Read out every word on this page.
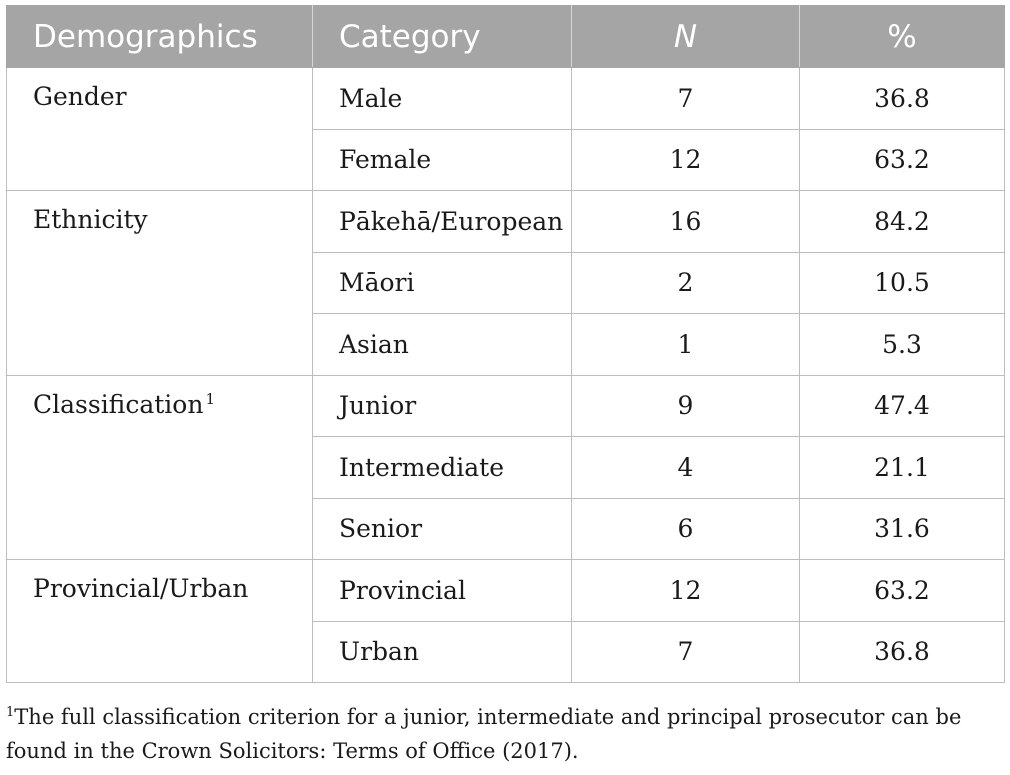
Demographics	Category	N	%
Gender	Male	7	36.8
	Female	12	63.2
Ethnicity	Pākehā/European	16	84.2
	Māori	2	10.5
	Asian	1	5.3
Classification $^1$	Junior	9	47.4
	Intermediate	4	21.1
	Senior	6	31.6
Provincial/Urban	Provincial	12	63.2
	Urban	7	36.8
$^1$The full classification criterion for a junior, intermediate and principal prosecutor can be found in the Crown Solicitors: Terms of Office (2017).
